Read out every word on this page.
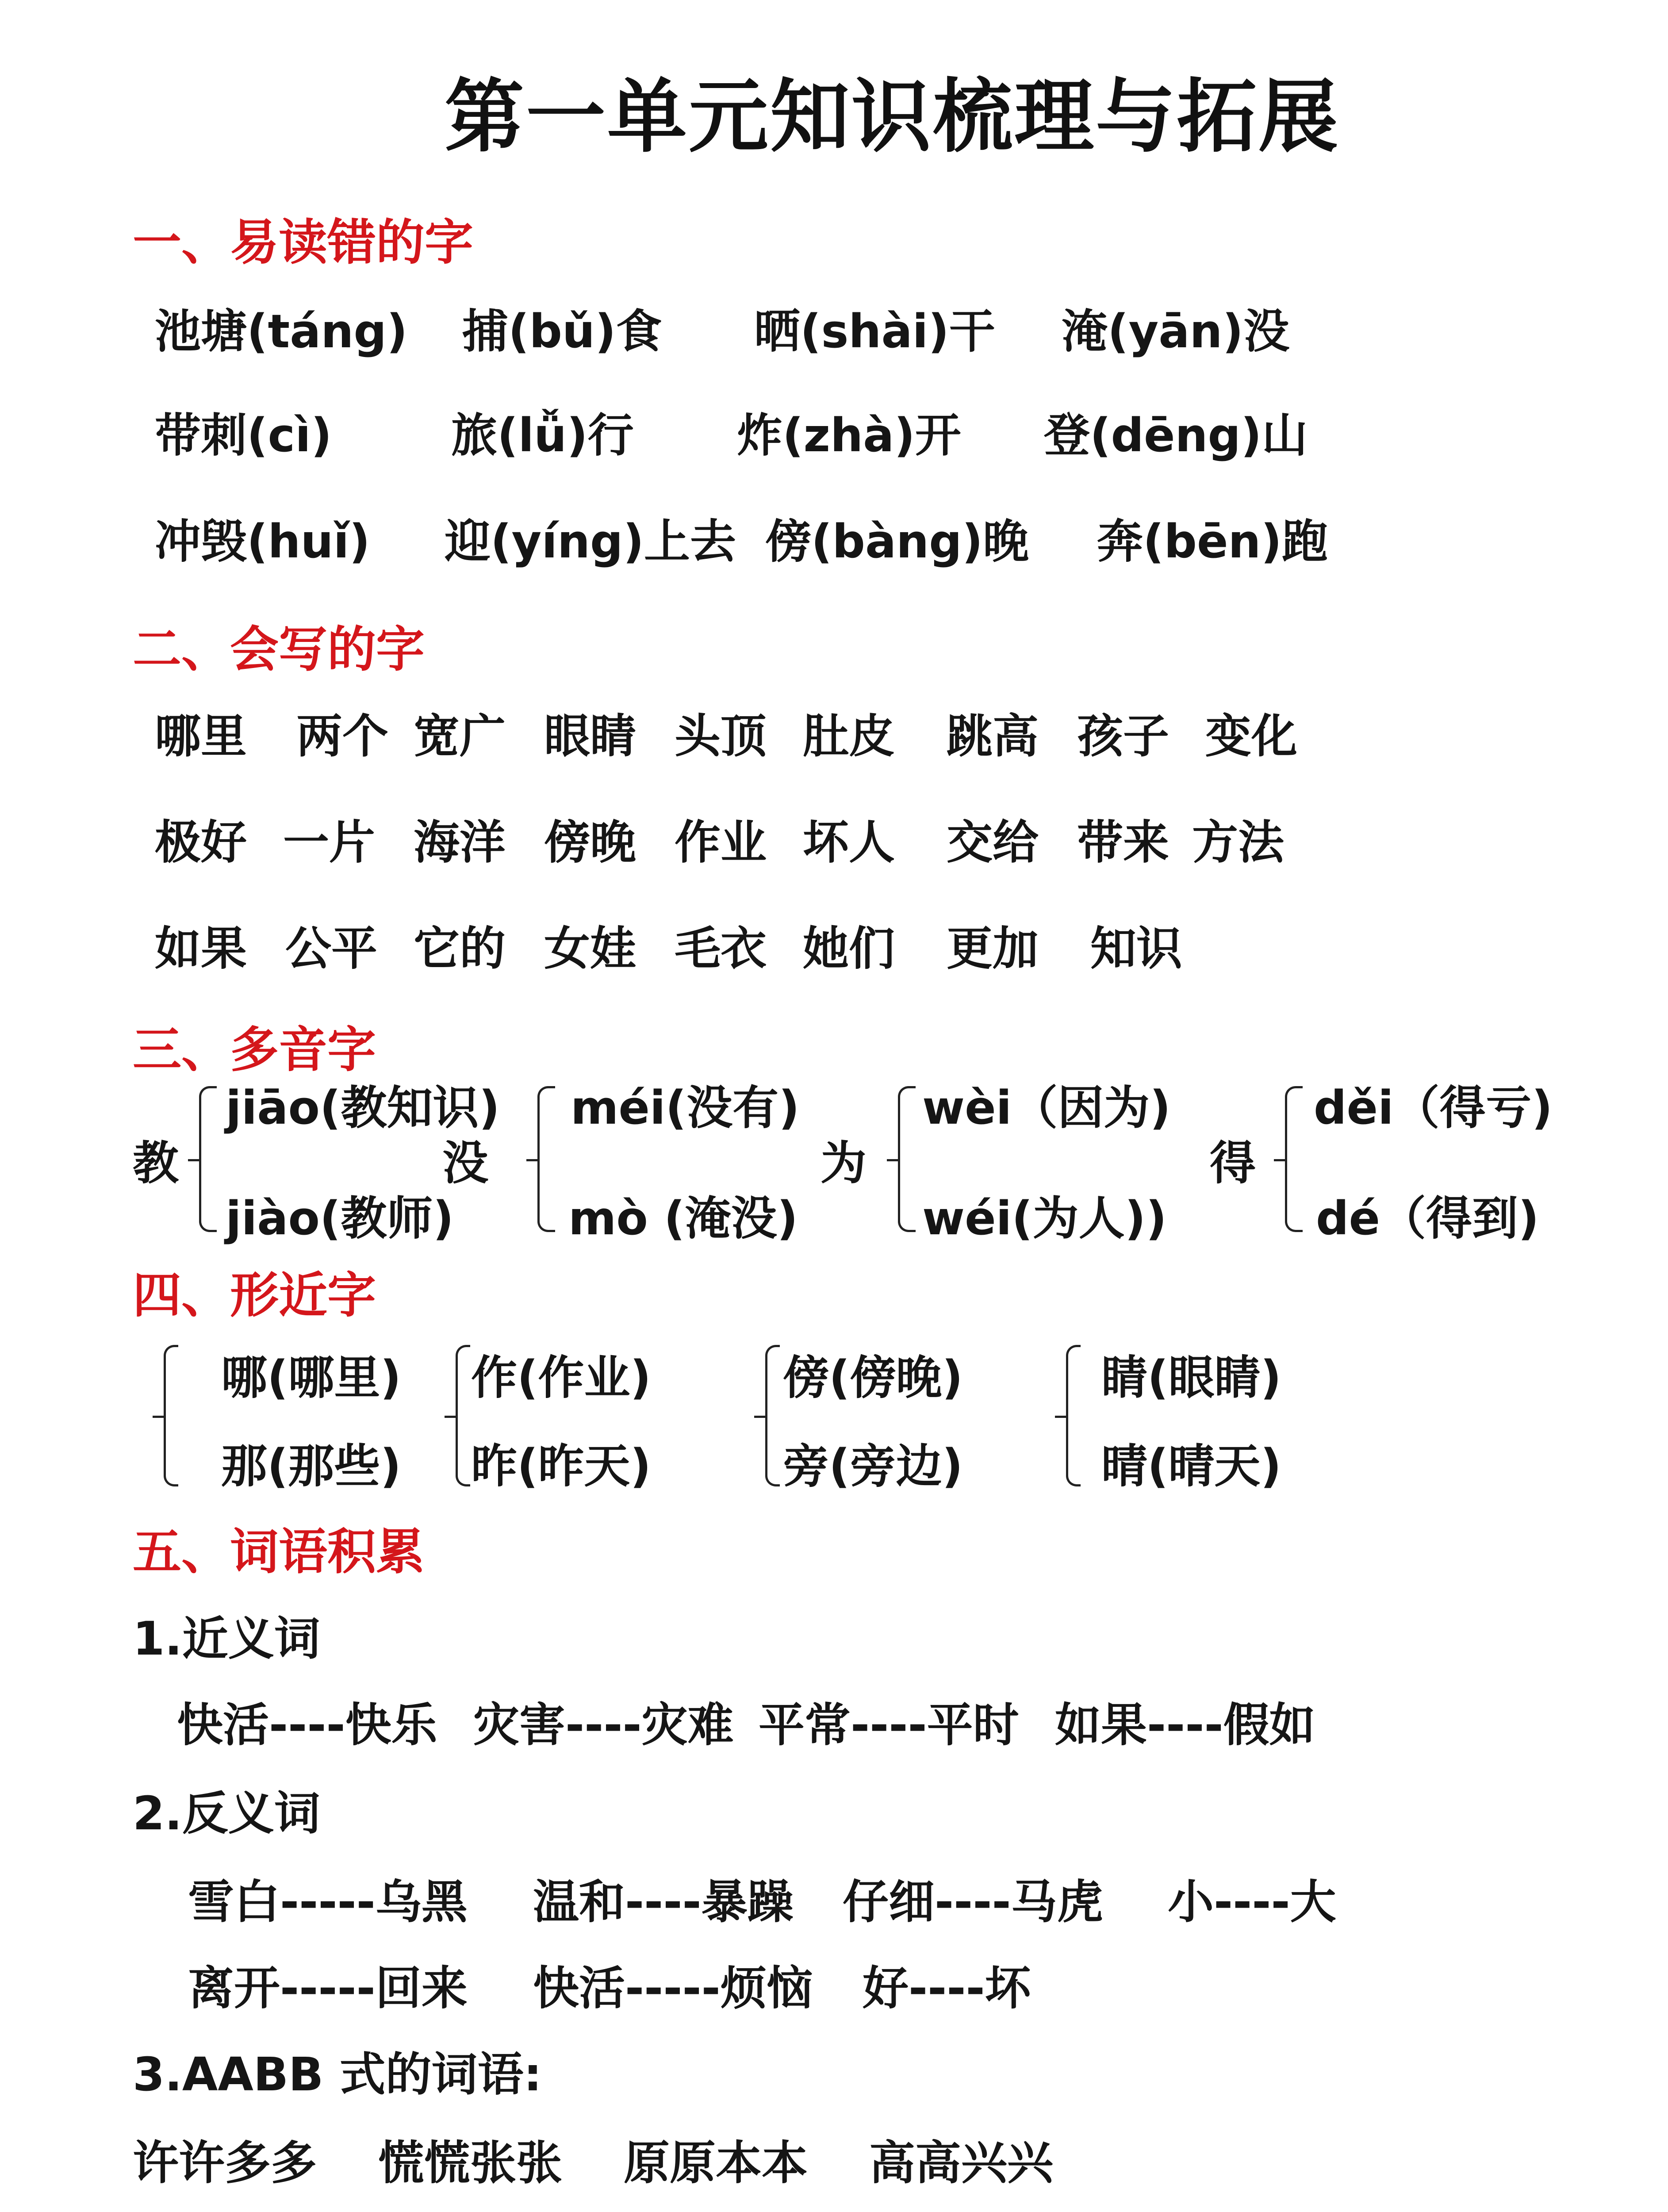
第一单元知识梳理与拓展
一、易读错的字
池塘(táng) 捕(bǔ)食 晒(shài)干 淹(yān)没
带刺(cì)	旅(lǚ)行 炸(zhà)开 登(dēng)山
冲毁(huǐ) 迎(yíng)上去 傍(bàng)晚 奔(bēn)跑
二、会写的字
哪里 两个 宽广 眼睛 头顶 肚皮 跳高 孩子 变化
极好 一片 海洋 傍晚 作业 坏人 交给 带来 方法
如果 公平 它的 女娃 毛衣 她们 更加 知识
三、多音字
教
jiāo(教知识)
jiào(教师)
没
méi(没有)
mò (淹没)
为
wèi（因为)
wéi(为人))
得
děi（得亏)
dé（得到)
四、形近字
哪(哪里)
那(那些)
作(作业)
昨(昨天)
傍(傍晚)
旁(旁边)
睛(眼睛)
晴(晴天)
五、词语积累
1.近义词
快活----快乐 灾害----灾难 平常----平时 如果----假如
2.反义词
雪白-----乌黑 温和----暴躁 仔细----马虎 小----大
离开-----回来 快活-----烦恼 好----坏
3.AABB 式的词语:
许许多多 慌慌张张 原原本本 高高兴兴
